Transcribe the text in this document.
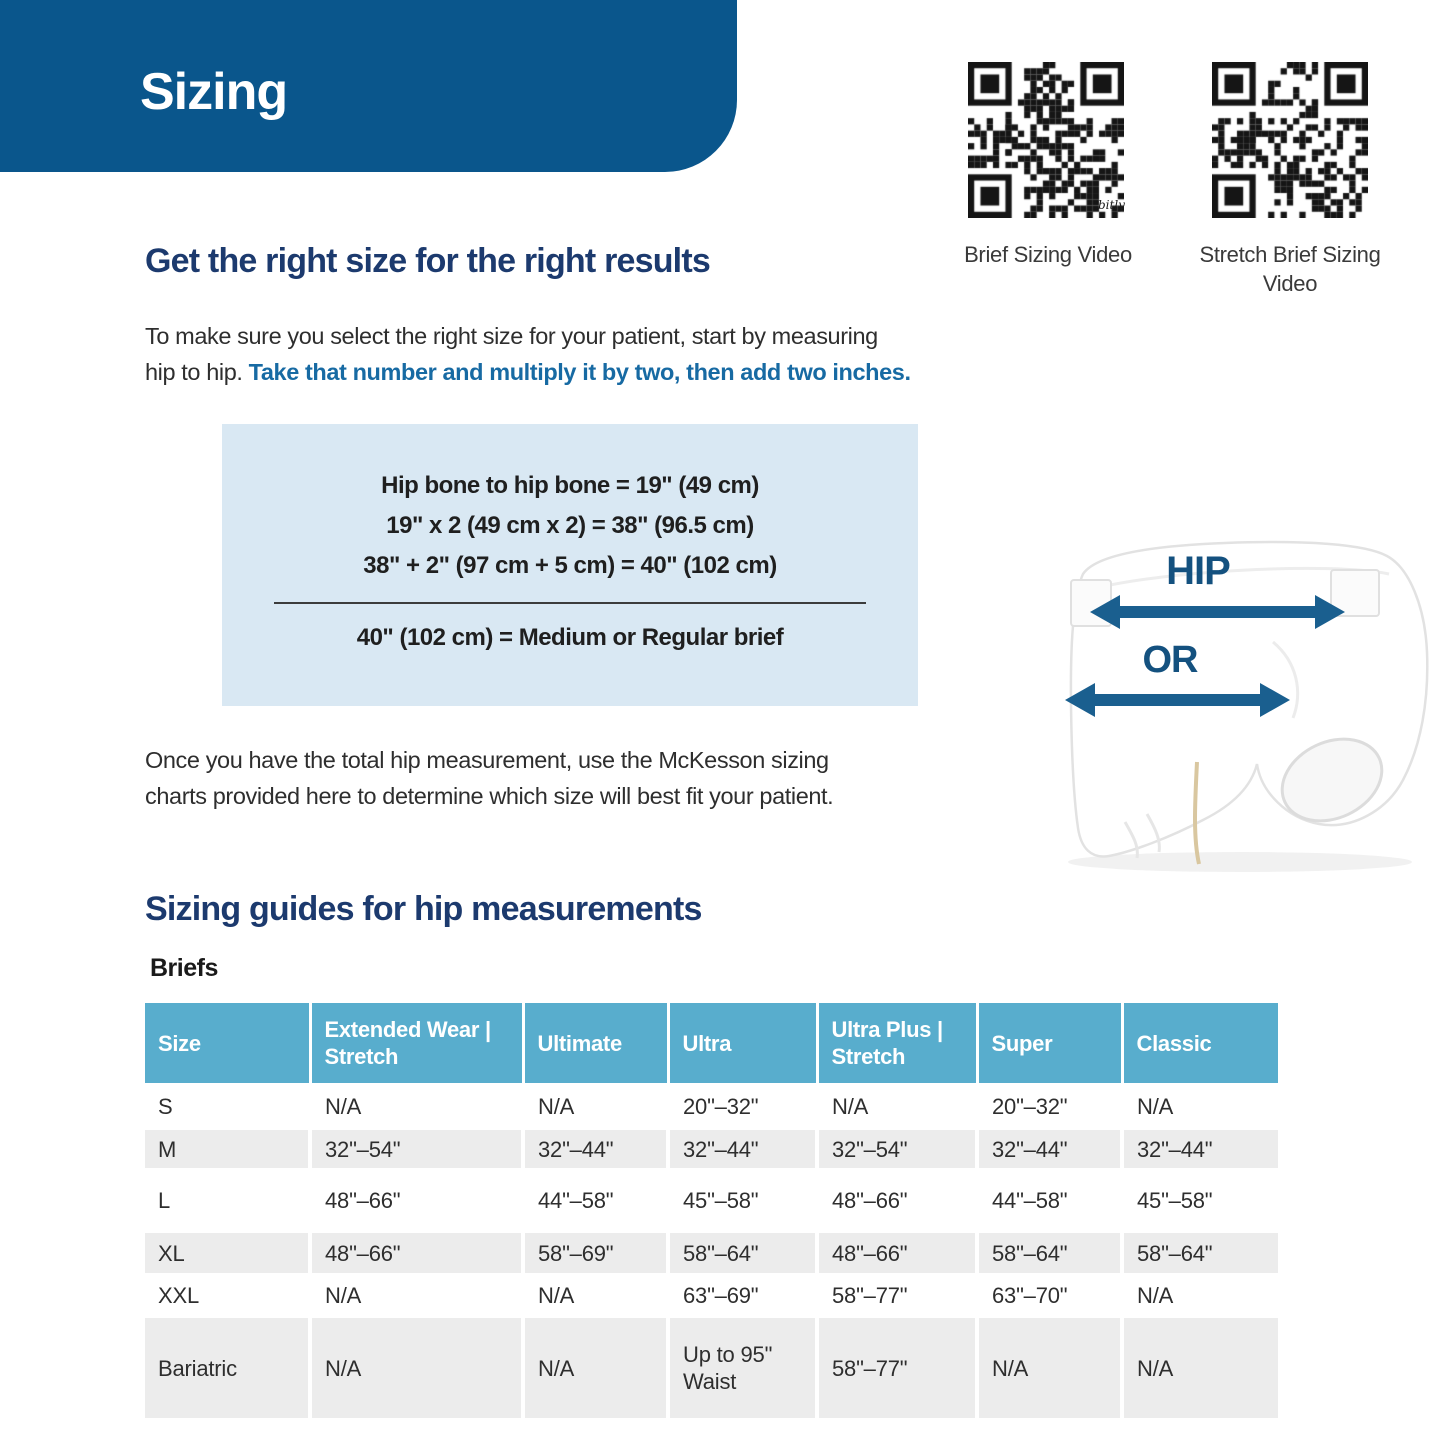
Sizing
bitly

Brief Sizing Video	Stretch Brief Sizing Video

Get the right size for the right results

To make sure you select the right size for your patient, start by measuring
hip to hip. Take that number and multiply it by two, then add two inches.

Hip bone to hip bone = 19" (49 cm)
19" x 2 (49 cm x 2) = 38" (96.5 cm)
38" + 2" (97 cm + 5 cm) = 40" (102 cm)
40" (102 cm) = Medium or Regular brief
HIP
OR

Once you have the total hip measurement, use the McKesson sizing
charts provided here to determine which size will best fit your patient.

Sizing guides for hip measurements
Briefs
Size	Extended Wear | Stretch	Ultimate	Ultra	Ultra Plus | Stretch	Super	Classic
S	N/A	N/A	20"–32"	N/A	20"–32"	N/A
M	32"–54"	32"–44"	32"–44"	32"–54"	32"–44"	32"–44"
L	48"–66"	44"–58"	45"–58"	48"–66"	44"–58"	45"–58"
XL	48"–66"	58"–69"	58"–64"	48"–66"	58"–64"	58"–64"
XXL	N/A	N/A	63"–69"	58"–77"	63"–70"	N/A
Bariatric	N/A	N/A	Up to 95" Waist	58"–77"	N/A	N/A
